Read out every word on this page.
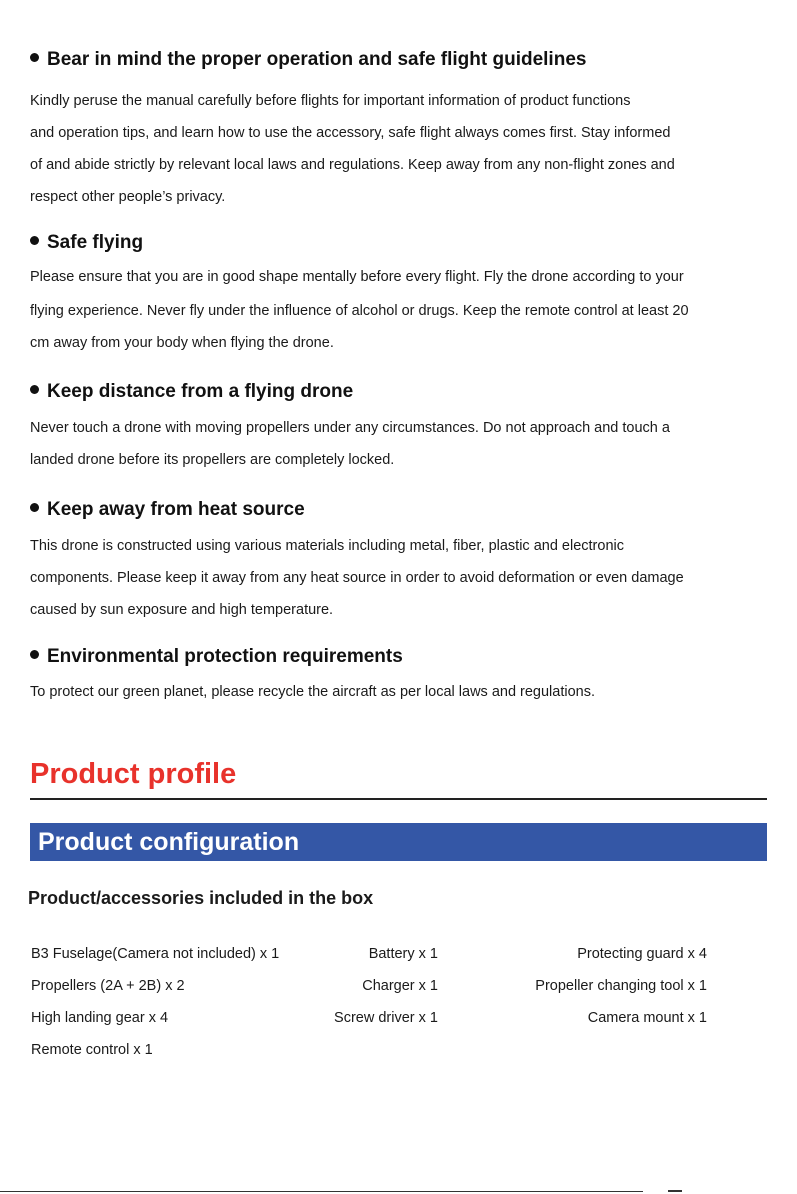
Bear in mind the proper operation and safe flight guidelines
Kindly peruse the manual carefully before flights for important information of product functions
and operation tips, and learn how to use the accessory, safe flight always comes first. Stay informed
of and abide strictly by relevant local laws and regulations. Keep away from any non-flight zones and
respect other people’s privacy.
Safe flying
Please ensure that you are in good shape mentally before every flight. Fly the drone according to your
flying experience. Never fly under the influence of alcohol or drugs. Keep the remote control at least 20
cm away from your body when flying the drone.
Keep distance from a flying drone
Never touch a drone with moving propellers under any circumstances. Do not approach and touch a
landed drone before its propellers are completely locked.
Keep away from heat source
This drone is constructed using various materials including metal, fiber, plastic and electronic
components. Please keep it away from any heat source in order to avoid deformation or even damage
caused by sun exposure and high temperature.
Environmental protection requirements
To protect our green planet, please recycle the aircraft as per local laws and regulations.
Product profile
Product configuration
Product/accessories included in the box
B3 Fuselage(Camera not included) x 1
Propellers (2A + 2B) x 2
High landing gear x 4
Remote control x 1
Battery x 1
Charger x 1
Screw driver x 1
Protecting guard x 4
Propeller changing tool x 1
Camera mount x 1
